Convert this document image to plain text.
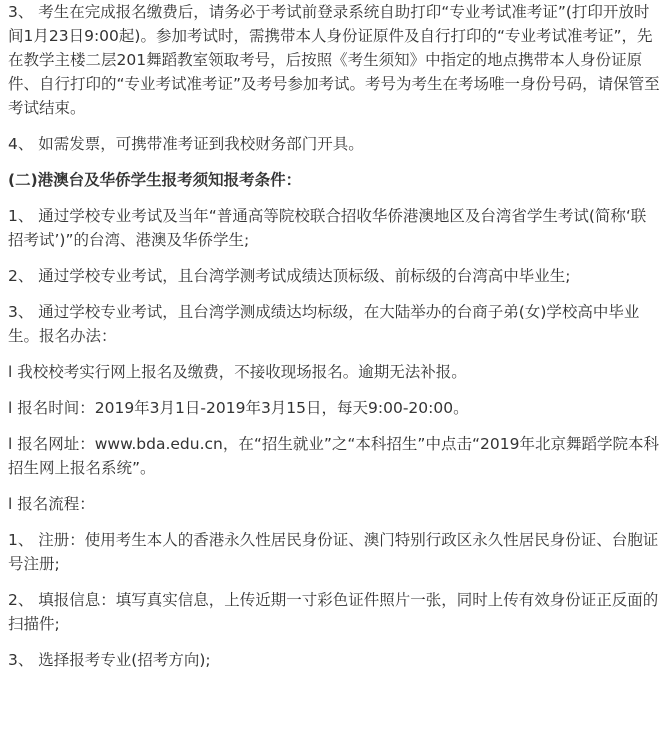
3、 考生在完成报名缴费后，请务必于考试前登录系统自助打印“专业考试准考证”(打印开放时间1月23日9:00起)。参加考试时，需携带本人身份证原件及自行打印的“专业考试准考证”，先在教学主楼二层201舞蹈教室领取考号，后按照《考生须知》中指定的地点携带本人身份证原件、自行打印的“专业考试准考证”及考号参加考试。考号为考生在考场唯一身份号码，请保管至考试结束。

4、 如需发票，可携带准考证到我校财务部门开具。

(二)港澳台及华侨学生报考须知报考条件：

1、 通过学校专业考试及当年“普通高等院校联合招收华侨港澳地区及台湾省学生考试(简称‘联招考试’)”的台湾、港澳及华侨学生;

2、 通过学校专业考试，且台湾学测考试成绩达顶标级、前标级的台湾高中毕业生;

3、 通过学校专业考试，且台湾学测成绩达均标级，在大陆举办的台商子弟(女)学校高中毕业生。报名办法：

l 我校校考实行网上报名及缴费，不接收现场报名。逾期无法补报。

l 报名时间：2019年3月1日-2019年3月15日，每天9:00-20:00。

l 报名网址：www.bda.edu.cn，在“招生就业”之“本科招生”中点击“2019年北京舞蹈学院本科招生网上报名系统”。

l 报名流程：

1、 注册：使用考生本人的香港永久性居民身份证、澳门特别行政区永久性居民身份证、台胞证号注册;

2、 填报信息：填写真实信息，上传近期一寸彩色证件照片一张，同时上传有效身份证正反面的扫描件;

3、 选择报考专业(招考方向);
